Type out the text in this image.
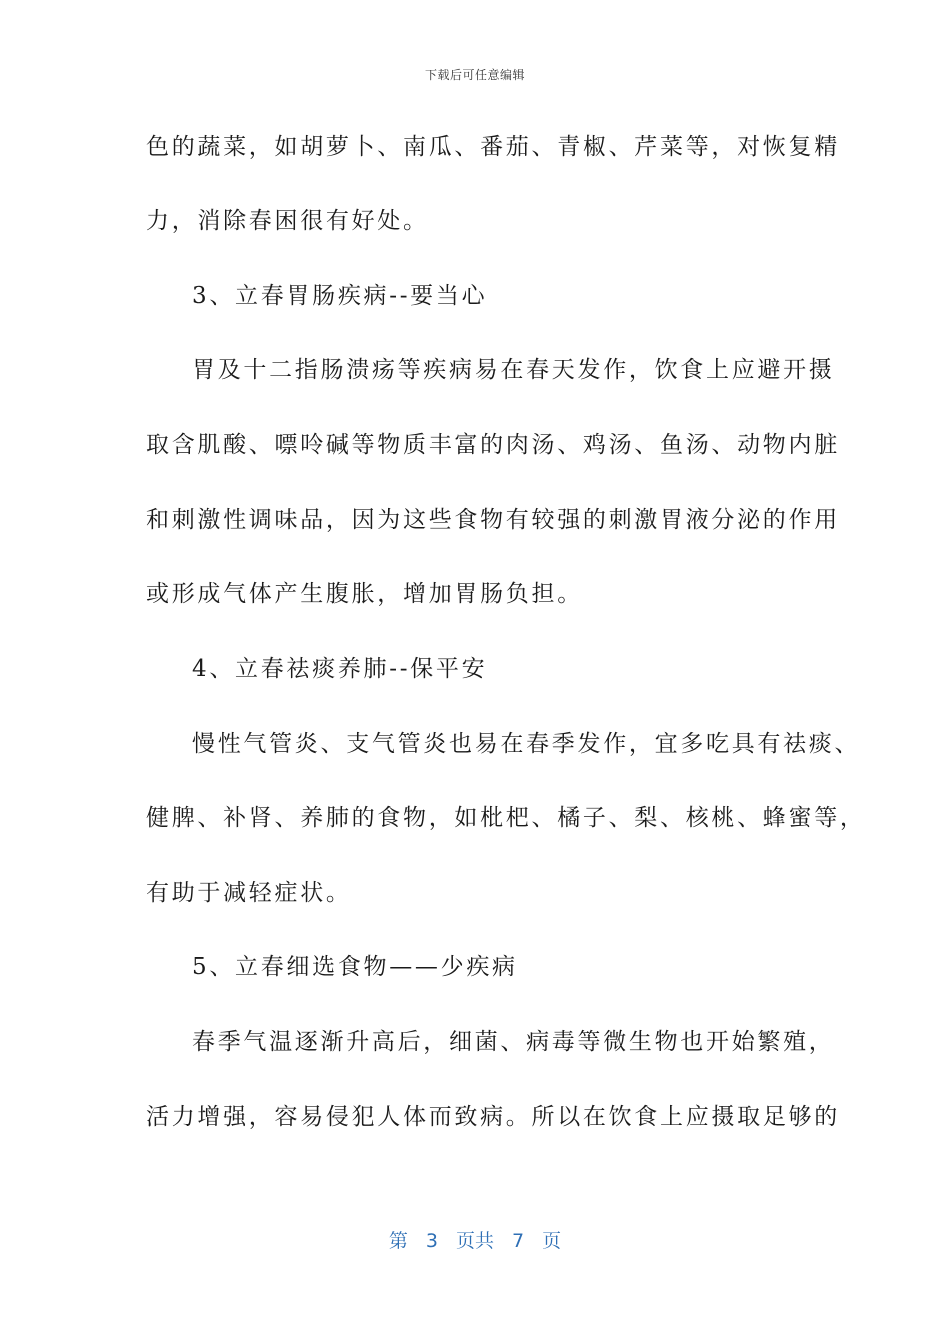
下载后可任意编辑
色的蔬菜，如胡萝卜、南瓜、番茄、青椒、芹菜等，对恢复精
力，消除春困很有好处。
3、立春胃肠疾病--要当心
胃及十二指肠溃疡等疾病易在春天发作，饮食上应避开摄
取含肌酸、嘌呤碱等物质丰富的肉汤、鸡汤、鱼汤、动物内脏
和刺激性调味品，因为这些食物有较强的刺激胃液分泌的作用
或形成气体产生腹胀，增加胃肠负担。
4、立春祛痰养肺--保平安
慢性气管炎、支气管炎也易在春季发作，宜多吃具有祛痰、
健脾、补肾、养肺的食物，如枇杷、橘子、梨、核桃、蜂蜜等，
有助于减轻症状。
5、立春细选食物——少疾病
春季气温逐渐升高后，细菌、病毒等微生物也开始繁殖，
活力增强，容易侵犯人体而致病。所以在饮食上应摄取足够的
第 3 页共 7 页
